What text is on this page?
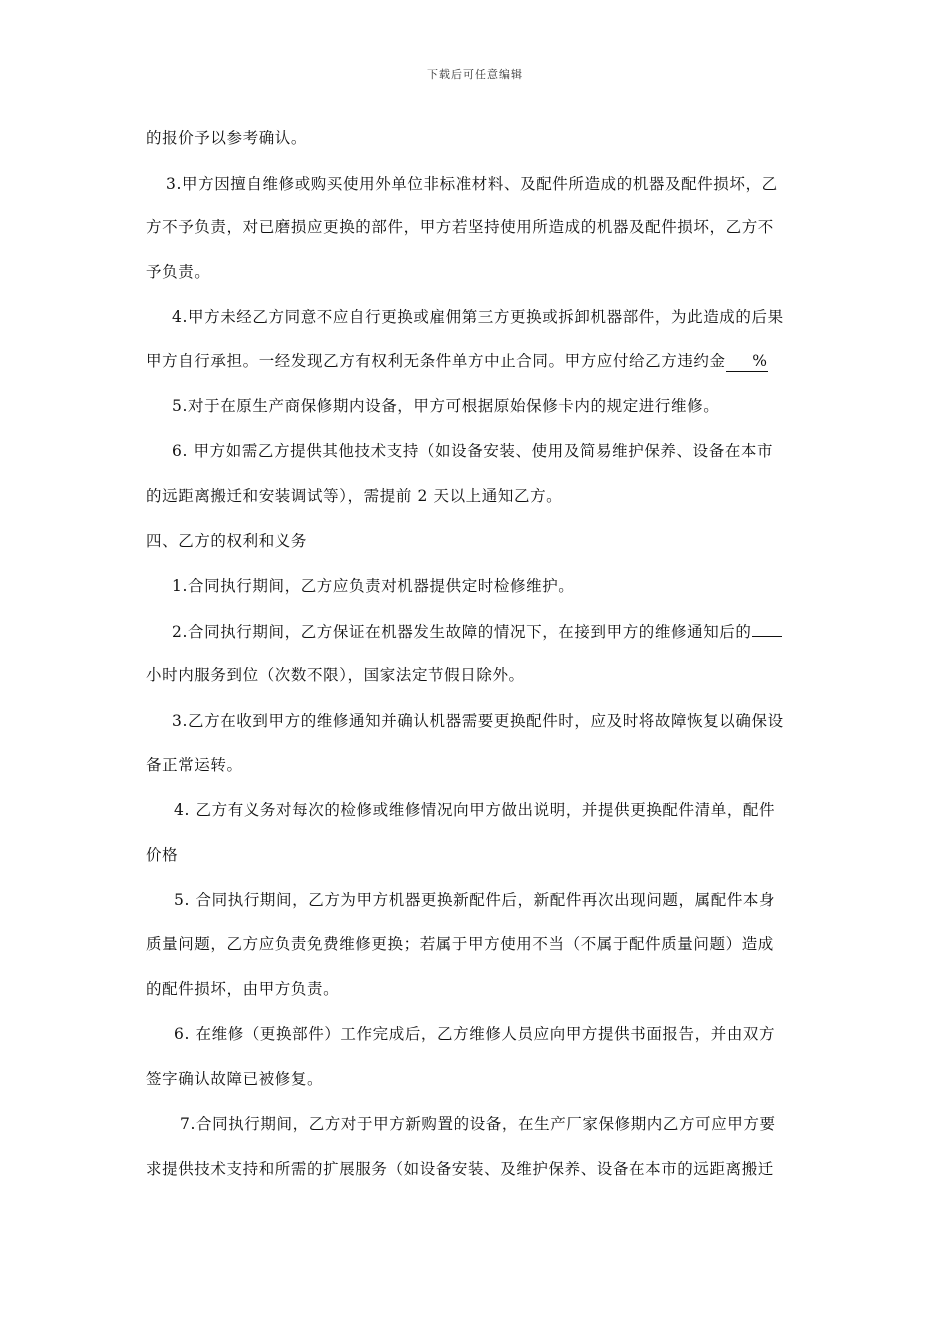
下载后可任意编辑
的报价予以参考确认。
3.甲方因擅自维修或购买使用外单位非标准材料、及配件所造成的机器及配件损坏，乙
方不予负责，对已磨损应更换的部件，甲方若坚持使用所造成的机器及配件损坏，乙方不
予负责。
4.甲方未经乙方同意不应自行更换或雇佣第三方更换或拆卸机器部件，为此造成的后果
甲方自行承担。一经发现乙方有权利无条件单方中止合同。甲方应付给乙方违约金 %
5.对于在原生产商保修期内设备，甲方可根据原始保修卡内的规定进行维修。
6. 甲方如需乙方提供其他技术支持（如设备安装、使用及简易维护保养、设备在本市
的远距离搬迁和安装调试等），需提前 2 天以上通知乙方。
四、乙方的权利和义务
1.合同执行期间，乙方应负责对机器提供定时检修维护。
2.合同执行期间，乙方保证在机器发生故障的情况下，在接到甲方的维修通知后的
小时内服务到位（次数不限），国家法定节假日除外。
3.乙方在收到甲方的维修通知并确认机器需要更换配件时，应及时将故障恢复以确保设
备正常运转。
4. 乙方有义务对每次的检修或维修情况向甲方做出说明，并提供更换配件清单，配件
价格
5. 合同执行期间，乙方为甲方机器更换新配件后，新配件再次出现问题，属配件本身
质量问题，乙方应负责免费维修更换；若属于甲方使用不当（不属于配件质量问题）造成
的配件损坏，由甲方负责。
6. 在维修（更换部件）工作完成后，乙方维修人员应向甲方提供书面报告，并由双方
签字确认故障已被修复。
7.合同执行期间，乙方对于甲方新购置的设备，在生产厂家保修期内乙方可应甲方要
求提供技术支持和所需的扩展服务（如设备安装、及维护保养、设备在本市的远距离搬迁
